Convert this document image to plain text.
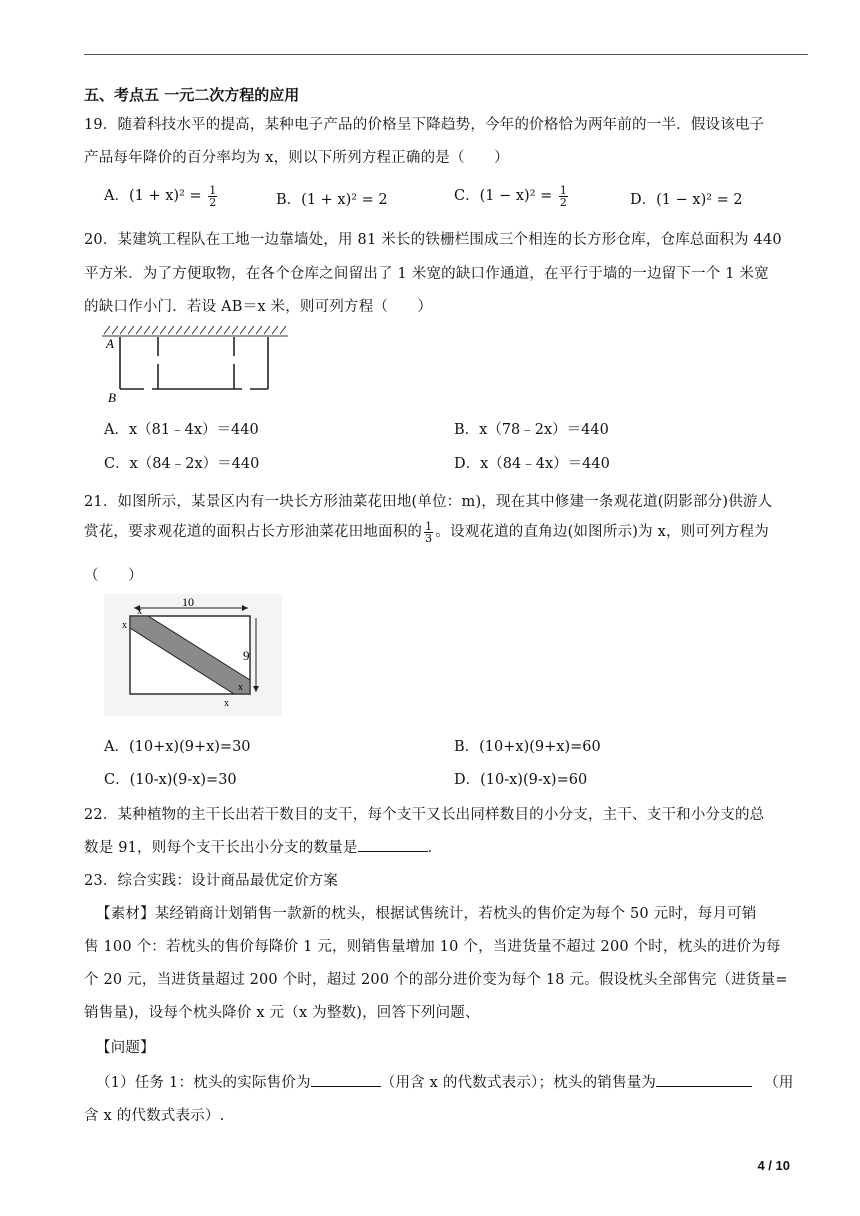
五、考点五 一元二次方程的应用
19．随着科技水平的提高，某种电子产品的价格呈下降趋势，今年的价格恰为两年前的一半．假设该电子
产品每年降价的百分率均为 x，则以下所列方程正确的是（　　）
A．$(1 + x)^2 = \frac{1}{2}$	B．(1 + x)² = 2	C．$(1 - x)^2 = \frac{1}{2}$	D．(1 − x)² = 2
20．某建筑工程队在工地一边靠墙处，用 81 米长的铁栅栏围成三个相连的长方形仓库，仓库总面积为 440
平方米．为了方便取物，在各个仓库之间留出了 1 米宽的缺口作通道，在平行于墙的一边留下一个 1 米宽
的缺口作小门．若设 AB＝x 米，则可列方程（　　）
A
B
A．x（81﹣4x）＝440	B．x（78﹣2x）＝440
C．x（84﹣2x）＝440	D．x（84﹣4x）＝440
21．如图所示，某景区内有一块长方形油菜花田地(单位：m)，现在其中修建一条观花道(阴影部分)供游人
赏花，要求观花道的面积占长方形油菜花田地面积的 $\frac{1}{3}$ 。设观花道的直角边(如图所示)为 x，则可列方程为
（　　）
10
9
x
x
x
x
A．(10+x)(9+x)=30	B．(10+x)(9+x)=60
C．(10-x)(9-x)=30	D．(10-x)(9-x)=60
22．某种植物的主干长出若干数目的支干，每个支干又长出同样数目的小分支，主干、支干和小分支的总
数是 91，则每个支干长出小分支的数量是	．
23．综合实践：设计商品最优定价方案
【素材】某经销商计划销售一款新的枕头，根据试售统计，若枕头的售价定为每个 50 元时，每月可销
售 100 个：若枕头的售价每降价 1 元，则销售量增加 10 个，当进货量不超过 200 个时，枕头的进价为每
个 20 元，当进货量超过 200 个时，超过 200 个的部分进价变为每个 18 元。假设枕头全部售完（进货量=
销售量)，设每个枕头降价 x 元（x 为整数)，回答下列问题、
【问题】
（1）任务 1：枕头的实际售价为	（用含 x 的代数式表示）；枕头的销售量为	（用
含 x 的代数式表示）.
4 / 10
